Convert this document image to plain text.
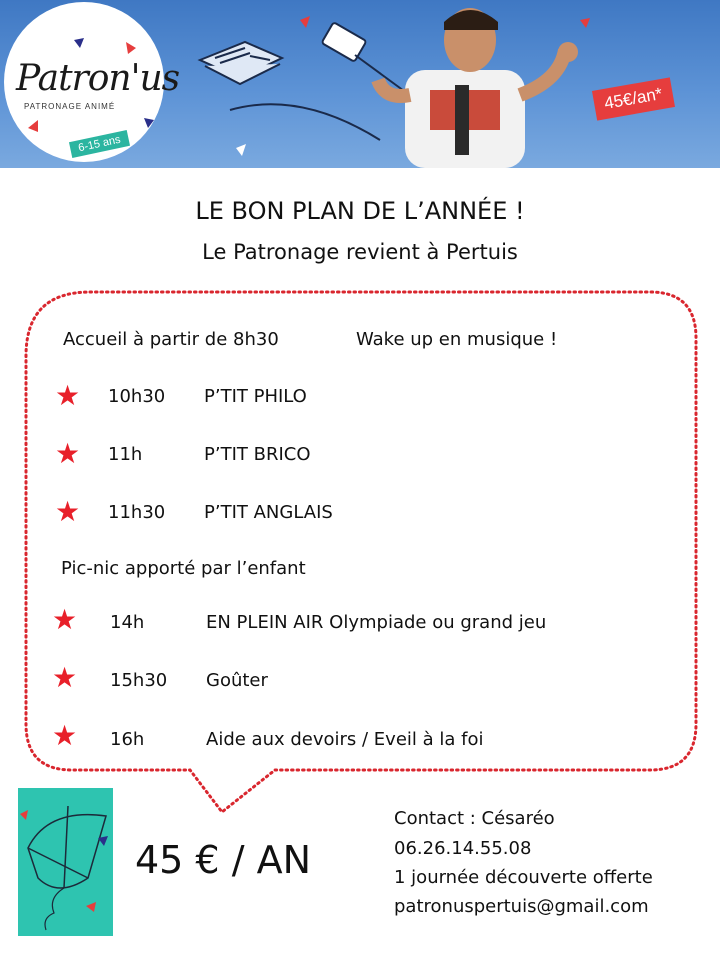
Patron'us
PATRONAGE ANIMÉ
6-15 ans
45€/an*
LE BON PLAN DE L’ANNÉE !
Le Patronage revient à Pertuis
Accueil à partir de 8h30	Wake up en musique !
★ 10h30 P’TIT PHILO
★ 11h	P’TIT BRICO
★ 11h30 P’TIT ANGLAIS
Pic-nic apporté par l’enfant
★ 14h	EN PLEIN AIR Olympiade ou grand jeu
★ 15h30 Goûter
★ 16h	Aide aux devoirs / Eveil à la foi
45 € / AN
Contact : Césaréo
06.26.14.55.08
1 journée découverte offerte
patronuspertuis@gmail.com
